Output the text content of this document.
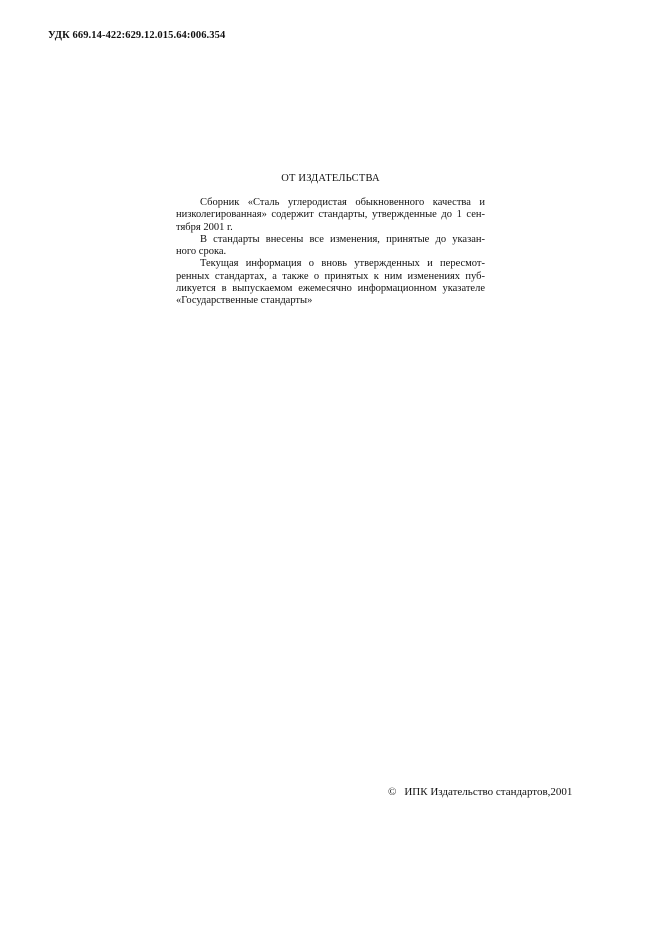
УДК 669.14-422:629.12.015.64:006.354
ОТ ИЗДАТЕЛЬСТВА

Сборник «Сталь углеродистая обыкновенного качества и
низколегированная» содержит стандарты, утвержденные до 1 сен-
тября 2001 г.

В стандарты внесены все изменения, принятые до указан-
ного срока.

Текущая информация о вновь утвержденных и пересмот-
ренных стандартах, а также о принятых к ним изменениях пуб-
ликуется в выпускаемом ежемесячно информационном указателе
«Государственные стандарты»

© ИПК Издательство стандартов,2001
